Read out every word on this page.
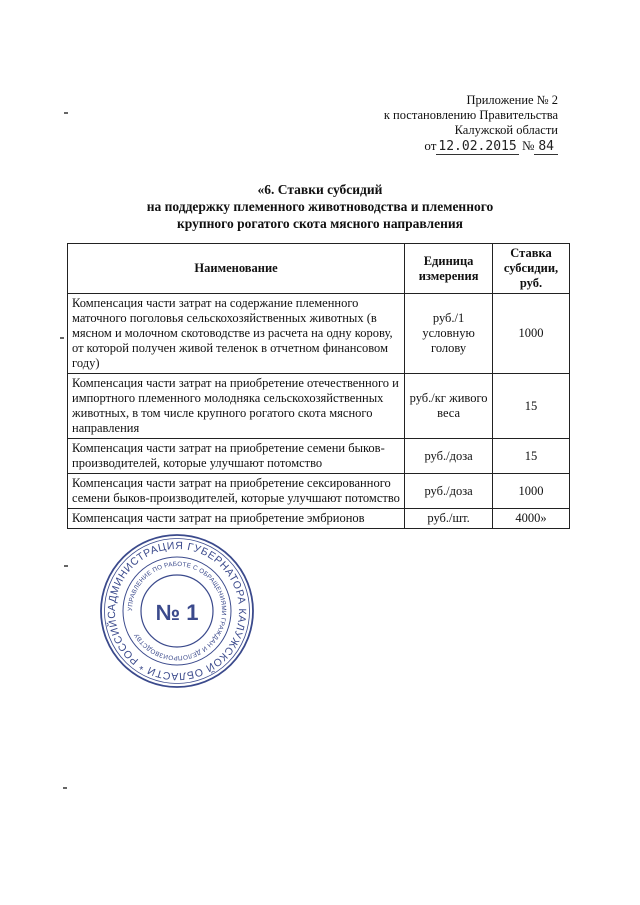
Приложение № 2
к постановлению Правительства
Калужской области
от 12.02.2015 № 84
«6. Ставки субсидий
на поддержку племенного животноводства и племенного
крупного рогатого скота мясного направления
Наименование	Единица измерения	Ставка субсидии, руб.
Компенсация части затрат на содержание племенного маточного поголовья сельскохозяйственных животных (в мясном и молочном скотоводстве из расчета на одну корову, от которой получен живой теленок в отчетном финансовом году)	руб./1 условную голову	1000
Компенсация части затрат на приобретение отечественного и импортного племенного молодняка сельскохозяйственных животных, в том числе крупного рогатого скота мясного направления	руб./кг живого веса	15
Компенсация части затрат на приобретение семени быков-производителей, которые улучшают потомство	руб./доза	15
Компенсация части затрат на приобретение сексированного семени быков-производителей, которые улучшают потомство	руб./доза	1000
Компенсация части затрат на приобретение эмбрионов	руб./шт.	4000»
АДМИНИСТРАЦИЯ ГУБЕРНАТОРА КАЛУЖСКОЙ ОБЛАСТИ * РОССИЙС
УПРАВЛЕНИЕ ПО РАБОТЕ С ОБРАЩЕНИЯМИ ГРАЖДАН И ДЕЛОПРОИЗВОДСТВУ
№ 1
